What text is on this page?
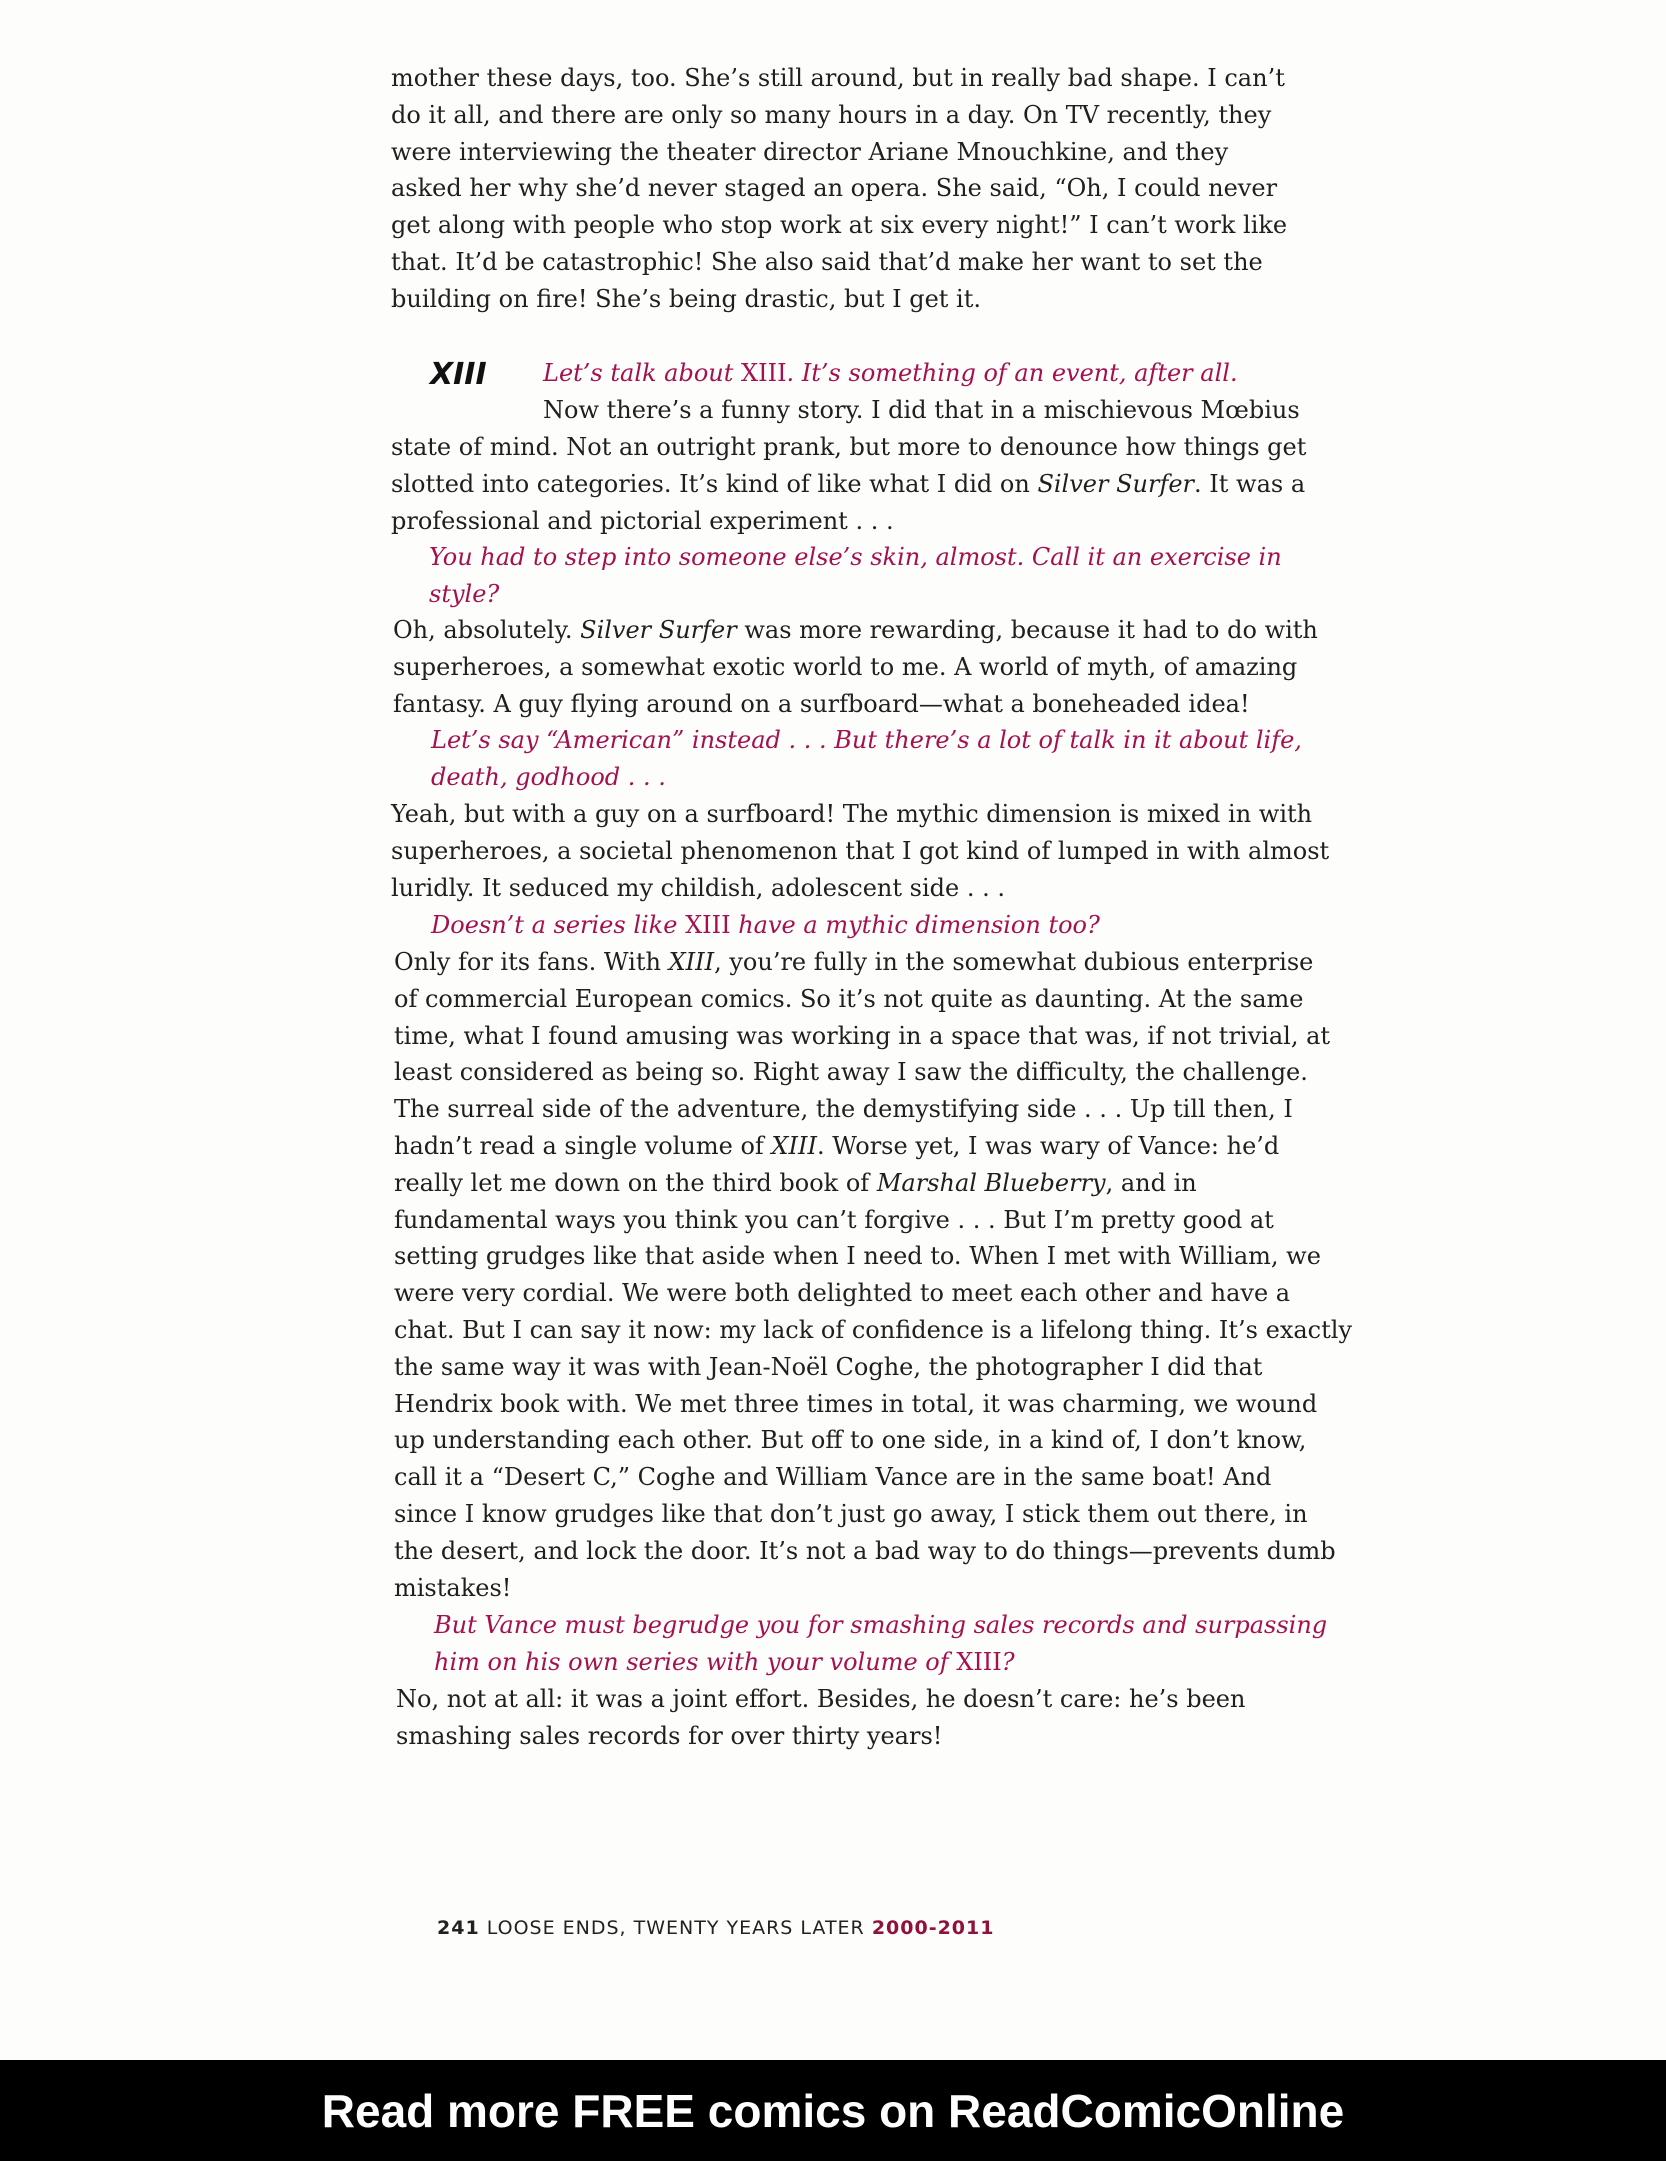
mother these days, too. She’s still around, but in really bad shape. I can’t
do it all, and there are only so many hours in a day. On TV recently, they
were interviewing the theater director Ariane Mnouchkine, and they
asked her why she’d never staged an opera. She said, “Oh, I could never
get along with people who stop work at six every night!” I can’t work like
that. It’d be catastrophic! She also said that’d make her want to set the
building on fire! She’s being drastic, but I get it.
XIII Let’s talk about XIII. It’s something of an event, after all.
Now there’s a funny story. I did that in a mischievous Mœbius
state of mind. Not an outright prank, but more to denounce how things get
slotted into categories. It’s kind of like what I did on Silver Surfer. It was a
professional and pictorial experiment . . .
You had to step into someone else’s skin, almost. Call it an exercise in
style?
Oh, absolutely. Silver Surfer was more rewarding, because it had to do with
superheroes, a somewhat exotic world to me. A world of myth, of amazing
fantasy. A guy flying around on a surfboard—what a boneheaded idea!
Let’s say “American” instead . . . But there’s a lot of talk in it about life,
death, godhood . . .
Yeah, but with a guy on a surfboard! The mythic dimension is mixed in with
superheroes, a societal phenomenon that I got kind of lumped in with almost
luridly. It seduced my childish, adolescent side . . .
Doesn’t a series like XIII have a mythic dimension too?
Only for its fans. With XIII, you’re fully in the somewhat dubious enterprise
of commercial European comics. So it’s not quite as daunting. At the same
time, what I found amusing was working in a space that was, if not trivial, at
least considered as being so. Right away I saw the difficulty, the challenge.
The surreal side of the adventure, the demystifying side . . . Up till then, I
hadn’t read a single volume of XIII. Worse yet, I was wary of Vance: he’d
really let me down on the third book of Marshal Blueberry, and in
fundamental ways you think you can’t forgive . . . But I’m pretty good at
setting grudges like that aside when I need to. When I met with William, we
were very cordial. We were both delighted to meet each other and have a
chat. But I can say it now: my lack of confidence is a lifelong thing. It’s exactly
the same way it was with Jean-Noël Coghe, the photographer I did that
Hendrix book with. We met three times in total, it was charming, we wound
up understanding each other. But off to one side, in a kind of, I don’t know,
call it a “Desert C,” Coghe and William Vance are in the same boat! And
since I know grudges like that don’t just go away, I stick them out there, in
the desert, and lock the door. It’s not a bad way to do things—prevents dumb
mistakes!
But Vance must begrudge you for smashing sales records and surpassing
him on his own series with your volume of XIII?
No, not at all: it was a joint effort. Besides, he doesn’t care: he’s been
smashing sales records for over thirty years!
241 LOOSE ENDS, TWENTY YEARS LATER 2000-2011
Read more FREE comics on ReadComicOnline
